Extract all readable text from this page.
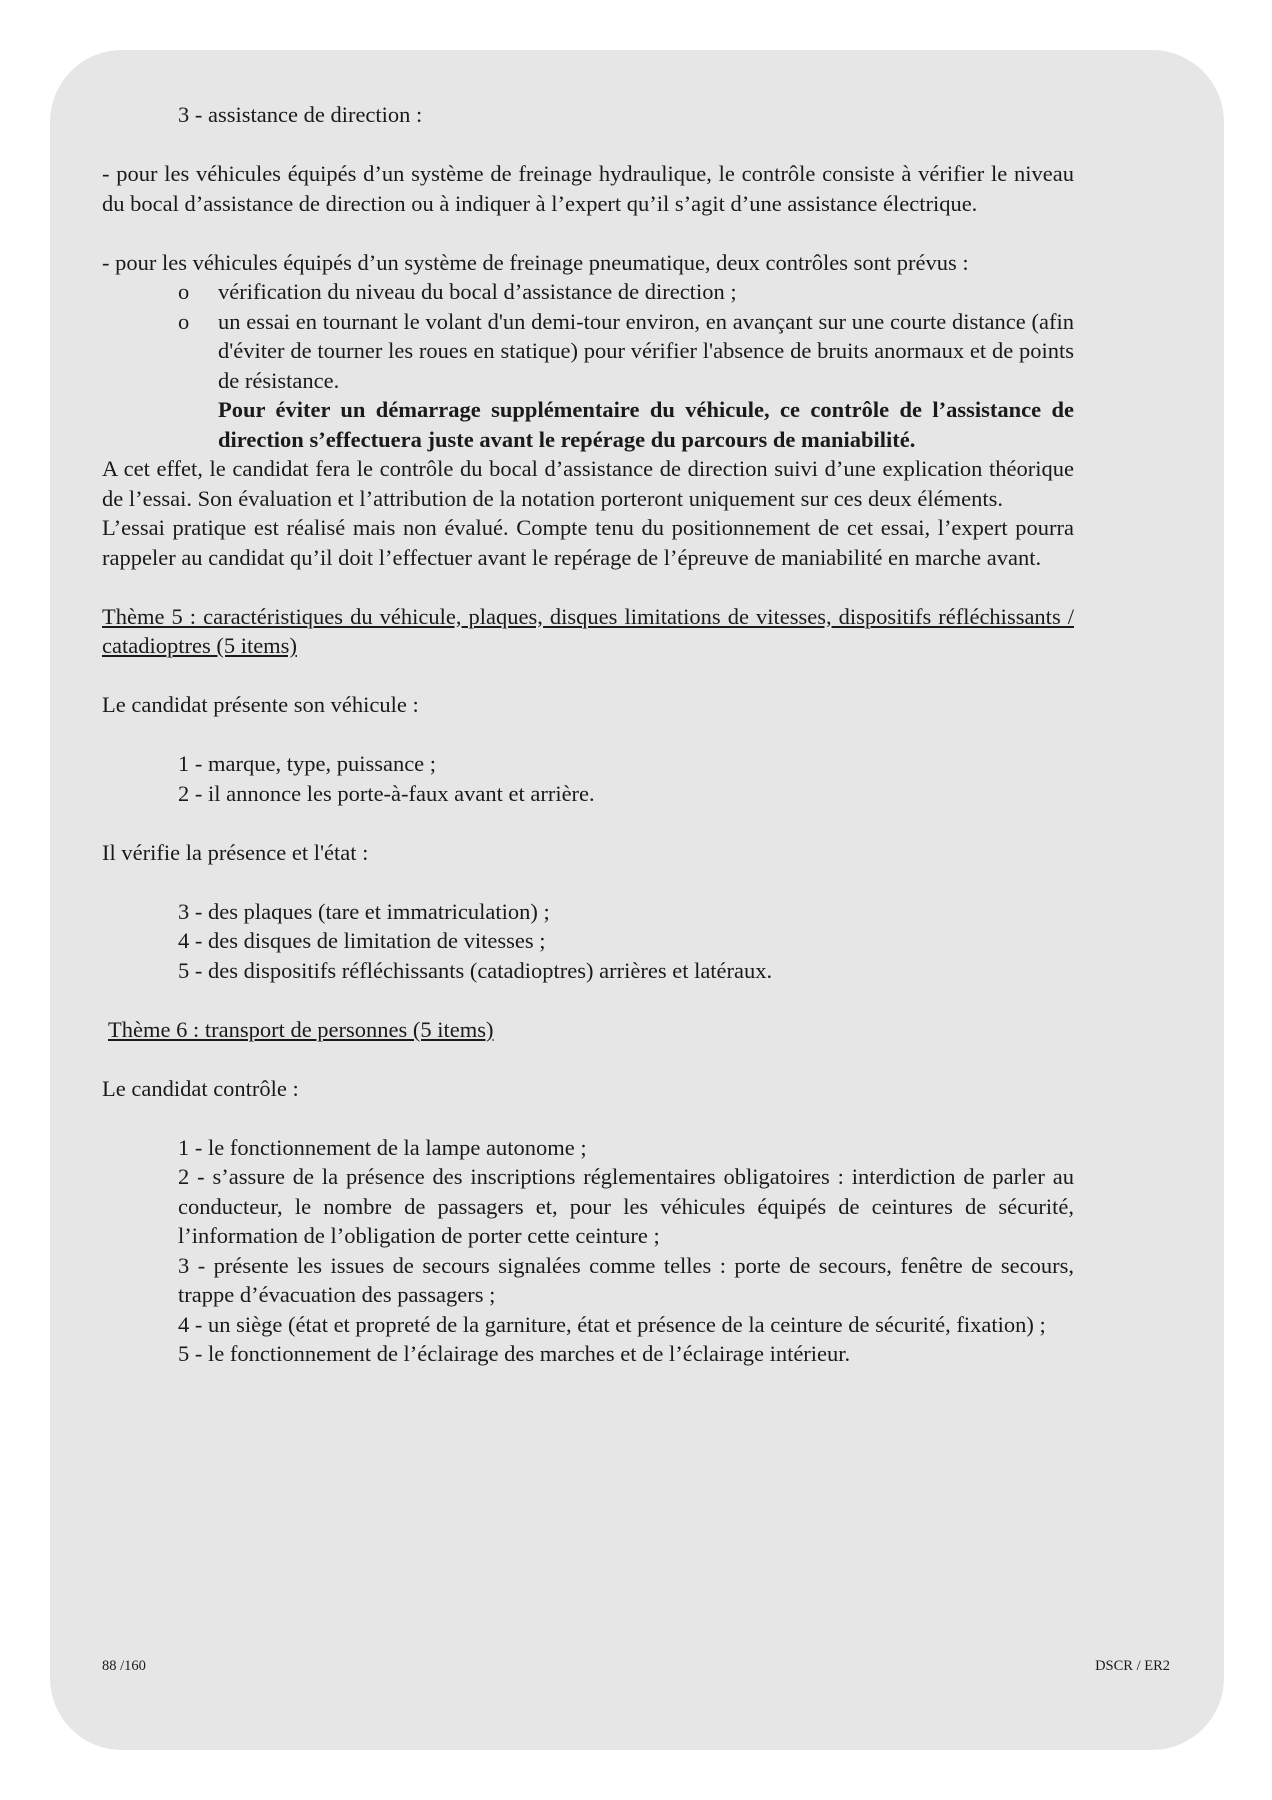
3 - assistance de direction :

- pour les véhicules équipés d’un système de freinage hydraulique, le contrôle consiste à vérifier le niveau du bocal d’assistance de direction ou à indiquer à l’expert qu’il s’agit d’une assistance électrique.

- pour les véhicules équipés d’un système de freinage pneumatique, deux contrôles sont prévus :

o	vérification du niveau du bocal d’assistance de direction ;
o	un essai en tournant le volant d'un demi-tour environ, en avançant sur une courte distance (afin d'éviter de tourner les roues en statique) pour vérifier l'absence de bruits anormaux et de points de résistance.

Pour éviter un démarrage supplémentaire du véhicule, ce contrôle de l’assistance de direction s’effectuera juste avant le repérage du parcours de maniabilité.

A cet effet, le candidat fera le contrôle du bocal d’assistance de direction suivi d’une explication théorique de l’essai. Son évaluation et l’attribution de la notation porteront uniquement sur ces deux éléments.

L’essai pratique est réalisé mais non évalué. Compte tenu du positionnement de cet essai, l’expert pourra rappeler au candidat qu’il doit l’effectuer avant le repérage de l’épreuve de maniabilité en marche avant.

Thème 5 : caractéristiques du véhicule, plaques, disques limitations de vitesses, dispositifs réfléchissants / catadioptres (5 items)

Le candidat présente son véhicule :

1 - marque, type, puissance ;

2 - il annonce les porte-à-faux avant et arrière.

Il vérifie la présence et l'état :

3 - des plaques (tare et immatriculation) ;

4 - des disques de limitation de vitesses ;

5 - des dispositifs réfléchissants (catadioptres) arrières et latéraux.

Thème 6 : transport de personnes (5 items)

Le candidat contrôle :

1 - le fonctionnement de la lampe autonome ;

2 - s’assure de la présence des inscriptions réglementaires obligatoires : interdiction de parler au conducteur, le nombre de passagers et, pour les véhicules équipés de ceintures de sécurité, l’information de l’obligation de porter cette ceinture ;

3 - présente les issues de secours signalées comme telles : porte de secours, fenêtre de secours, trappe d’évacuation des passagers ;

4 - un siège (état et propreté de la garniture, état et présence de la ceinture de sécurité, fixation) ;

5 - le fonctionnement de l’éclairage des marches et de l’éclairage intérieur.

88 /160	DSCR / ER2
